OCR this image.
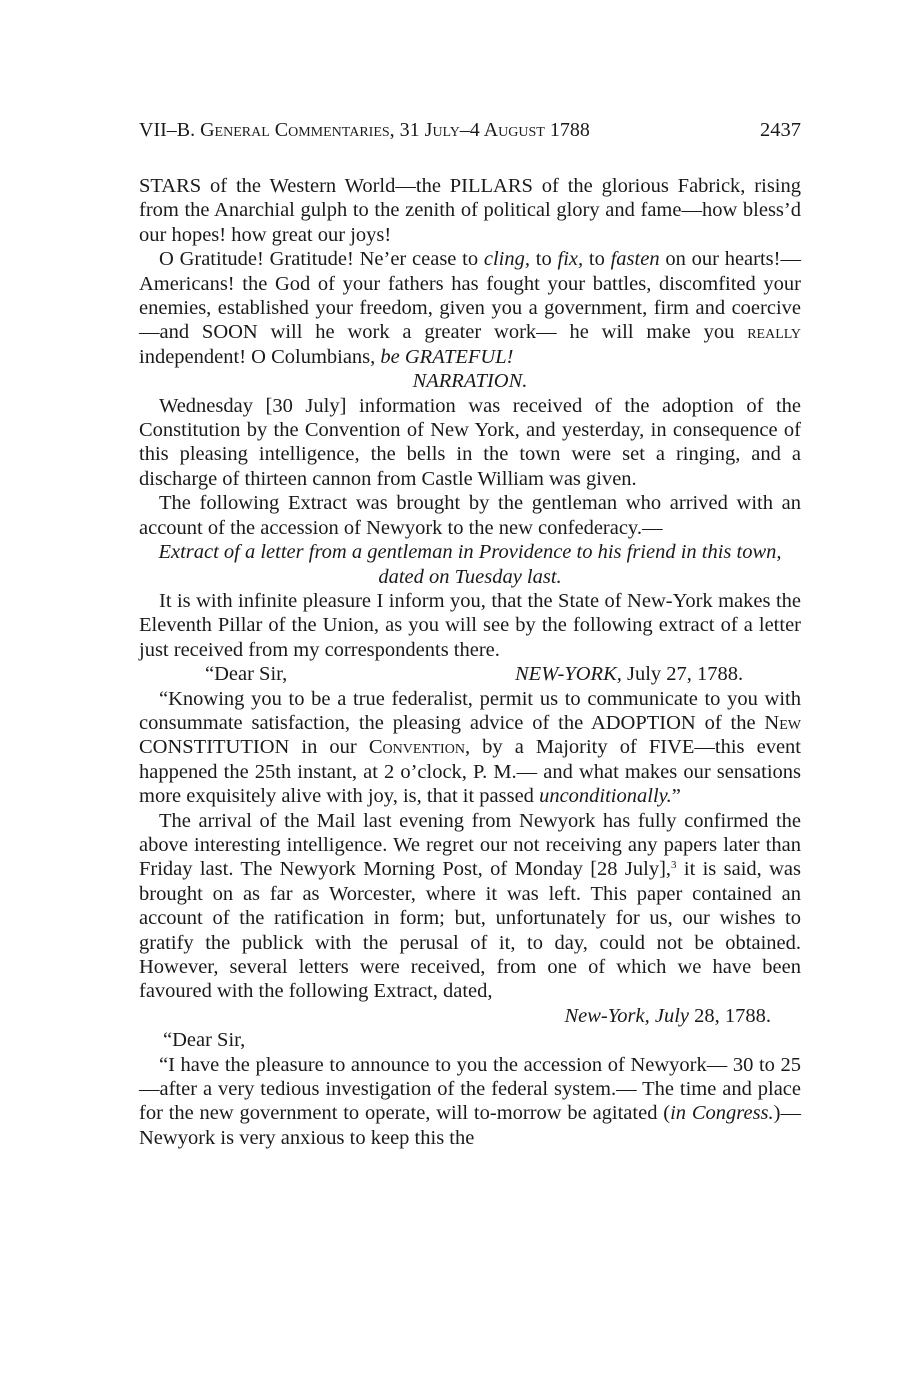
VII–B. General Commentaries, 31 July–4 August 1788	2437

STARS of the Western World—the PILLARS of the glorious Fabrick, rising from the Anarchial gulph to the zenith of political glory and fame—how bless’d our hopes! how great our joys!

O Gratitude! Gratitude! Ne’er cease to cling, to fix, to fasten on our hearts!—Americans! the God of your fathers has fought your battles, discomfited your enemies, established your freedom, given you a government, firm and coercive—and SOON will he work a greater work— he will make you really independent! O Columbians, be GRATEFUL!

NARRATION.

Wednesday [30 July] information was received of the adoption of the Constitution by the Convention of New York, and yesterday, in consequence of this pleasing intelligence, the bells in the town were set a ringing, and a discharge of thirteen cannon from Castle William was given.

The following Extract was brought by the gentleman who arrived with an account of the accession of Newyork to the new confederacy.—

Extract of a letter from a gentleman in Providence to his friend in this town, dated on Tuesday last.

It is with infinite pleasure I inform you, that the State of New-York makes the Eleventh Pillar of the Union, as you will see by the following extract of a letter just received from my correspondents there.

“Dear Sir,	NEW-YORK, July 27, 1788.

“Knowing you to be a true federalist, permit us to communicate to you with consummate satisfaction, the pleasing advice of the ADOPTION of the New CONSTITUTION in our Convention, by a Majority of FIVE—this event happened the 25th instant, at 2 o’clock, P. M.— and what makes our sensations more exquisitely alive with joy, is, that it passed unconditionally.”

The arrival of the Mail last evening from Newyork has fully confirmed the above interesting intelligence. We regret our not receiving any papers later than Friday last. The Newyork Morning Post, of Monday [28 July],$^3$ it is said, was brought on as far as Worcester, where it was left. This paper contained an account of the ratification in form; but, unfortunately for us, our wishes to gratify the publick with the perusal of it, to day, could not be obtained. However, several letters were received, from one of which we have been favoured with the following Extract, dated,

New-York, July 28, 1788.

“Dear Sir,

“I have the pleasure to announce to you the accession of Newyork— 30 to 25—after a very tedious investigation of the federal system.— The time and place for the new government to operate, will to-morrow be agitated (in Congress.)—Newyork is very anxious to keep this the
